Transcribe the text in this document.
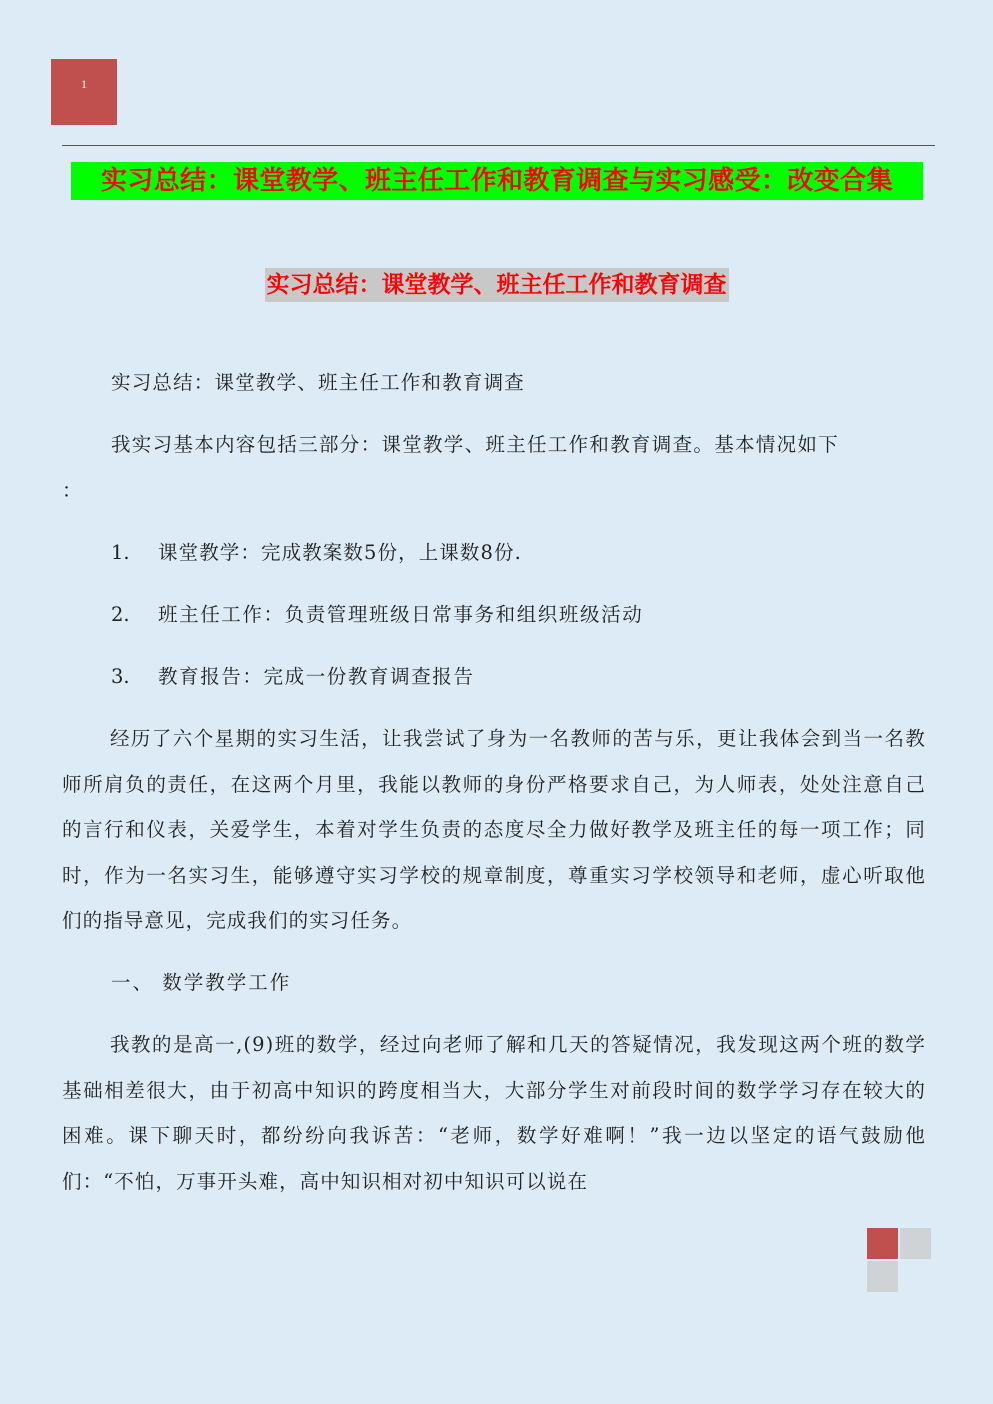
1
实习总结：课堂教学、班主任工作和教育调查与实习感受：改变合集
实习总结：课堂教学、班主任工作和教育调查
实习总结：课堂教学、班主任工作和教育调查
我实习基本内容包括三部分：课堂教学、班主任工作和教育调查。基本情况如下
：
1. 课堂教学：完成教案数5份，上课数8份.
2. 班主任工作：负责管理班级日常事务和组织班级活动
3. 教育报告：完成一份教育调查报告
经历了六个星期的实习生活，让我尝试了身为一名教师的苦与乐，更让我体会到当一名教师所肩负的责任，在这两个月里，我能以教师的身份严格要求自己，为人师表，处处注意自己的言行和仪表，关爱学生，本着对学生负责的态度尽全力做好教学及班主任的每一项工作；同时，作为一名实习生，能够遵守实习学校的规章制度，尊重实习学校领导和老师，虚心听取他们的指导意见，完成我们的实习任务。
一、 数学教学工作
我教的是高一,(9)班的数学，经过向老师了解和几天的答疑情况，我发现这两个班的数学基础相差很大，由于初高中知识的跨度相当大，大部分学生对前段时间的数学学习存在较大的困难。课下聊天时，都纷纷向我诉苦：“老师，数学好难啊！”我一边以坚定的语气鼓励他们：“不怕，万事开头难，高中知识相对初中知识可以说在
